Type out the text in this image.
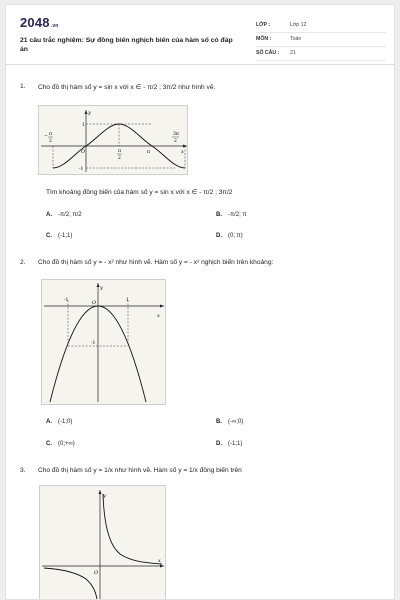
2048.vn
21 câu trắc nghiệm: Sự đồng biến nghịch biến của hàm số có đáp án
LỚP :	Lớp 12
MÔN :	Toán
SỐ CÂU : 21
1. Cho đồ thị hàm số y = sin x với x ∈ - π/2 ; 3π/2 như hình vẽ.
y
x
1
-1
O
− π
2
π
2
π
3π
2
Tìm khoảng đồng biến của hàm số y = sin x với x ∈ - π/2 ; 3π/2
A. -π/2; π/2	B. -π/2; π
C. (-1;1)	D. (0; π)
2. Cho đồ thị hàm số y = - x² như hình vẽ. Hàm số y = - x² nghịch biến trên khoảng:
y
x
O
-1	1
-1
A. (-1;0)	B. (-∞;0)
C. (0;+∞)	D. (-1;1)
3. Cho đồ thị hàm số y = 1/x như hình vẽ. Hàm số y = 1/x đồng biến trên
y
x
O
